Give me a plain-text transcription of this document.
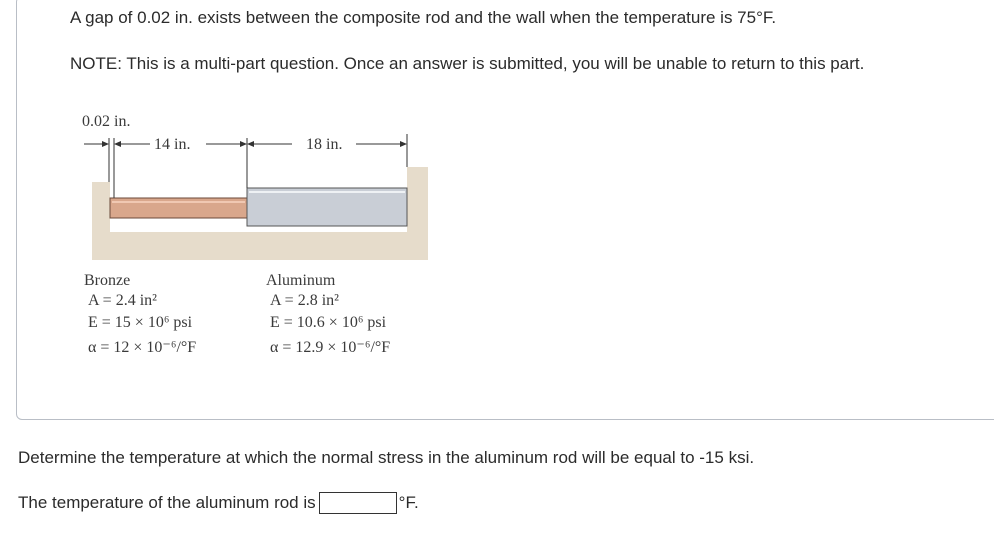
A gap of 0.02 in. exists between the composite rod and the wall when the temperature is 75°F.

NOTE: This is a multi-part question. Once an answer is submitted, you will be unable to return to this part.

0.02 in.
14 in.	18 in.
Bronze
A = 2.4 in²
E = 15 × 10⁶ psi
α = 12 × 10⁻⁶/°F
Aluminum
A = 2.8 in²
E = 10.6 × 10⁶ psi
α = 12.9 × 10⁻⁶/°F

Determine the temperature at which the normal stress in the aluminum rod will be equal to -15 ksi.

The temperature of the aluminum rod is	°F.
